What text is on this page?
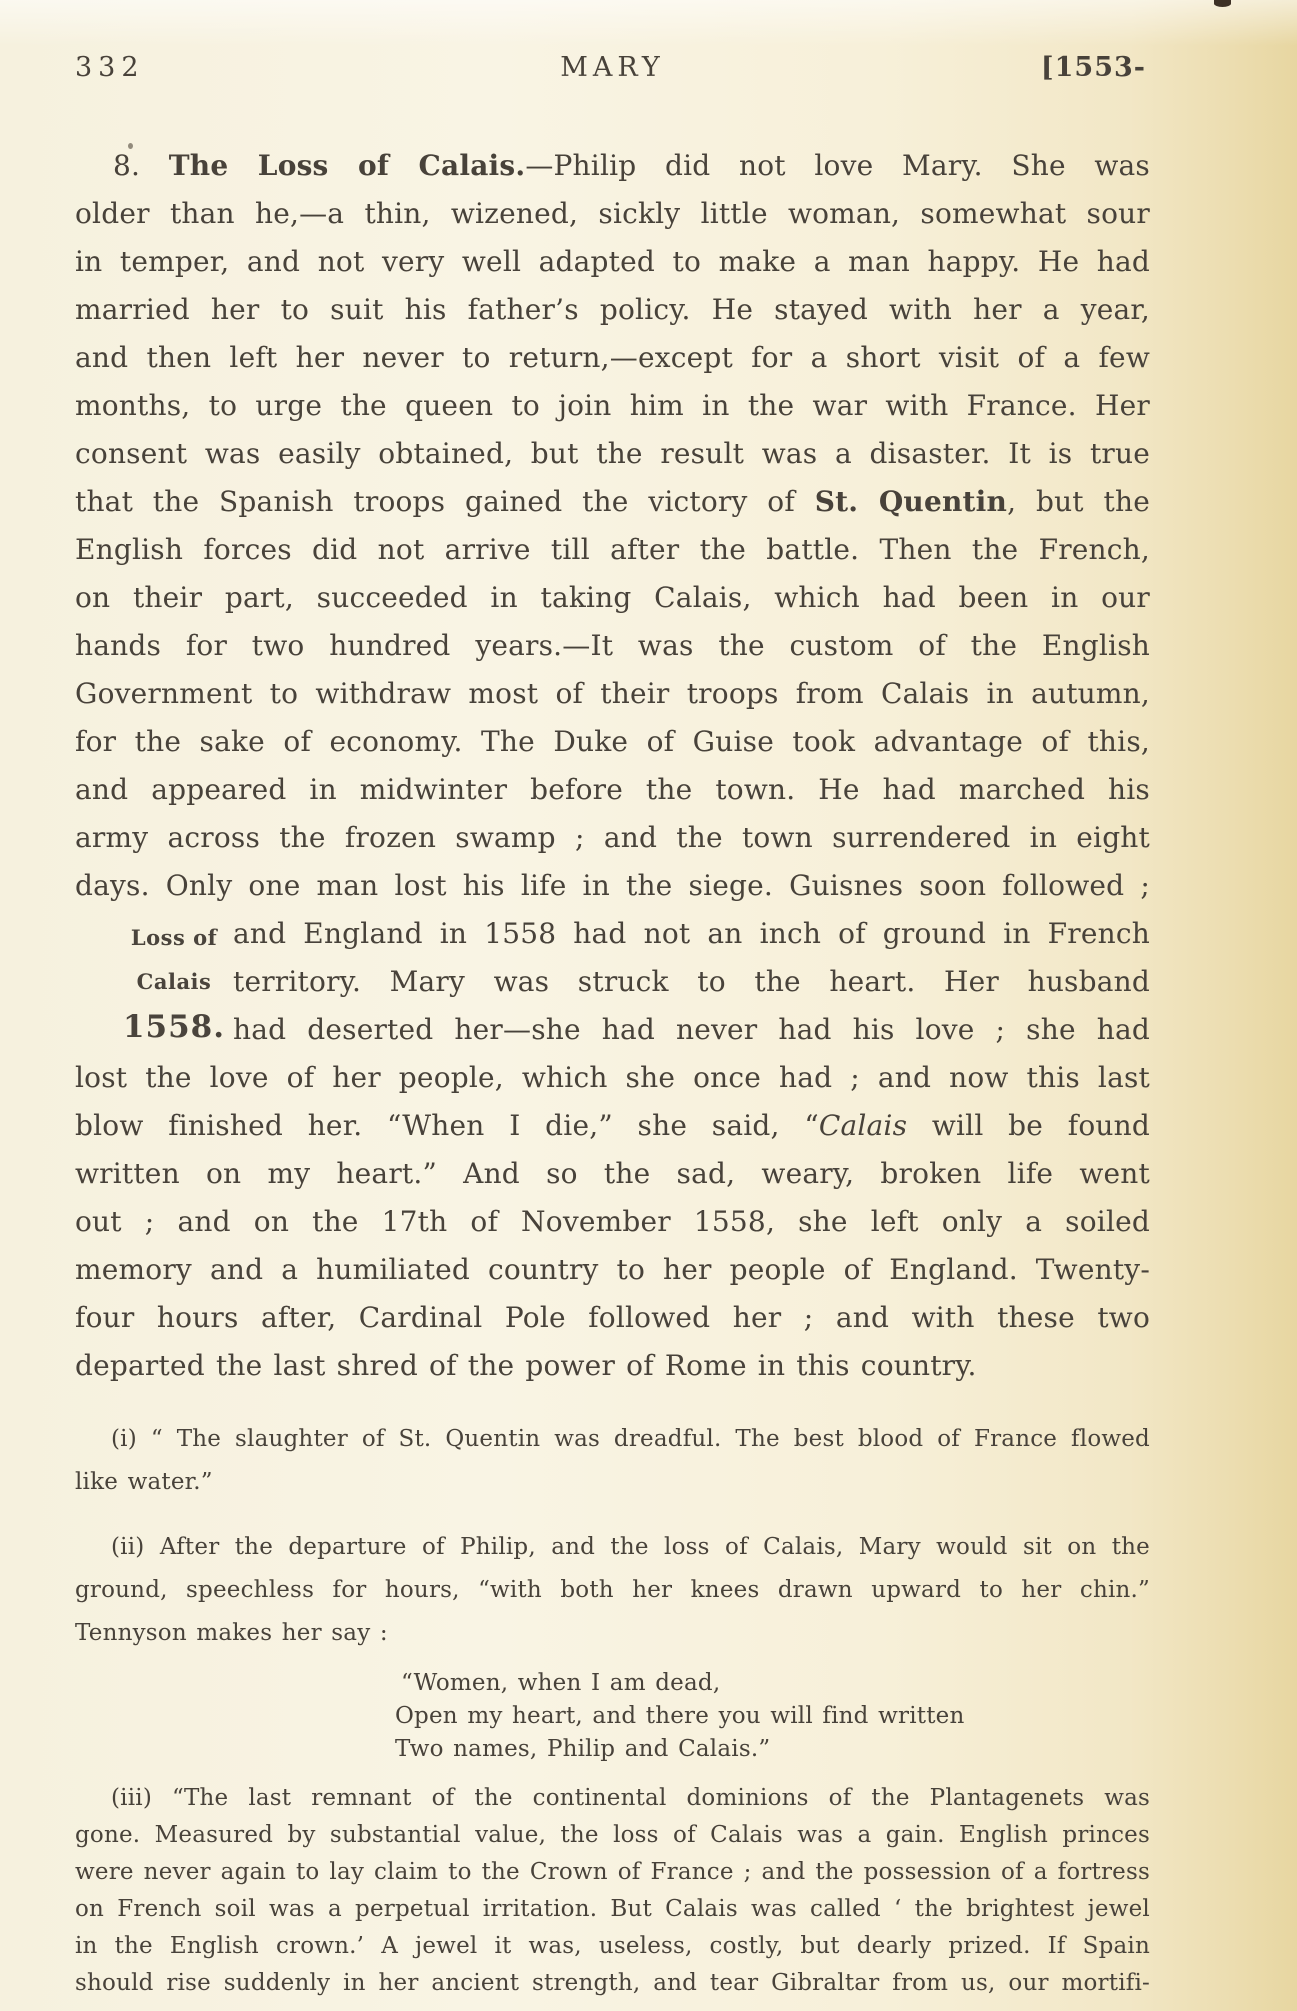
332	MARY	[1553-
8. The Loss of Calais.—Philip did not love Mary. She was
older than he,—a thin, wizened, sickly little woman, somewhat sour
in temper, and not very well adapted to make a man happy. He had
married her to suit his father’s policy. He stayed with her a year,
and then left her never to return,—except for a short visit of a few
months, to urge the queen to join him in the war with France. Her
consent was easily obtained, but the result was a disaster. It is true
that the Spanish troops gained the victory of St. Quentin, but the
English forces did not arrive till after the battle. Then the French,
on their part, succeeded in taking Calais, which had been in our
hands for two hundred years.—It was the custom of the English
Government to withdraw most of their troops from Calais in autumn,
for the sake of economy. The Duke of Guise took advantage of this,
and appeared in midwinter before the town. He had marched his
army across the frozen swamp ; and the town surrendered in eight
days. Only one man lost his life in the siege. Guisnes soon followed ;
Loss of
Calais
1558.
and England in 1558 had not an inch of ground in French
territory. Mary was struck to the heart. Her husband
had deserted her—she had never had his love ; she had
lost the love of her people, which she once had ; and now this last
blow finished her. “When I die,” she said, “Calais will be found
written on my heart.” And so the sad, weary, broken life went
out ; and on the 17th of November 1558, she left only a soiled
memory and a humiliated country to her people of England. Twenty-
four hours after, Cardinal Pole followed her ; and with these two
departed the last shred of the power of Rome in this country.
(i) “ The slaughter of St. Quentin was dreadful. The best blood of France flowed
like water.”
(ii) After the departure of Philip, and the loss of Calais, Mary would sit on the
ground, speechless for hours, “with both her knees drawn upward to her chin.”
Tennyson makes her say :
“Women, when I am dead,
Open my heart, and there you will find written
Two names, Philip and Calais.”
(iii) “The last remnant of the continental dominions of the Plantagenets was
gone. Measured by substantial value, the loss of Calais was a gain. English princes
were never again to lay claim to the Crown of France ; and the possession of a fortress
on French soil was a perpetual irritation. But Calais was called ‘ the brightest jewel
in the English crown.’ A jewel it was, useless, costly, but dearly prized. If Spain
should rise suddenly in her ancient strength, and tear Gibraltar from us, our mortifi-
